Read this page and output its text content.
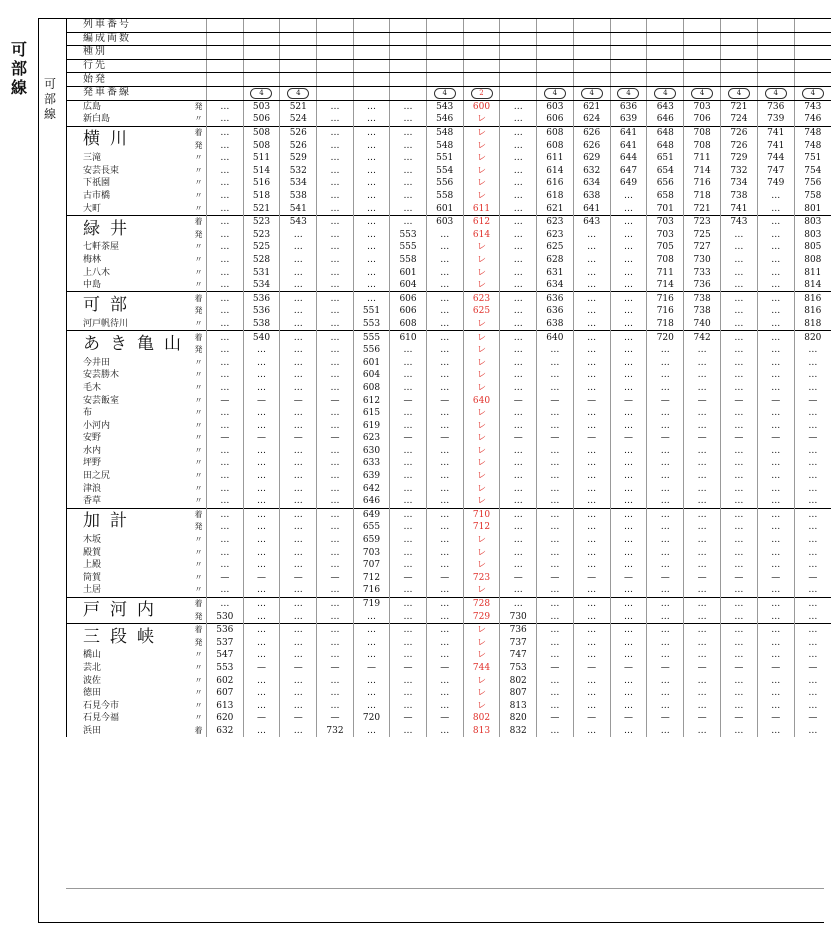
可部線	可部線
列車番号																		
編成両数																		
種別																		
行先																		
始発																		
発車番線			4	4				4	2		4	4	4	4	4	4	4	4
広島	発	…	503	521	…	…	…	543	600	…	603	621	636	643	703	721	736	743
新白島	〃	…	506	524	…	…	…	546	レ	…	606	624	639	646	706	724	739	746
横川	着	…	508	526	…	…	…	548	レ	…	608	626	641	648	708	726	741	748
	発	…	508	526	…	…	…	548	レ	…	608	626	641	648	708	726	741	748
三滝	〃	…	511	529	…	…	…	551	レ	…	611	629	644	651	711	729	744	751
安芸長束	〃	…	514	532	…	…	…	554	レ	…	614	632	647	654	714	732	747	754
下祇園	〃	…	516	534	…	…	…	556	レ	…	616	634	649	656	716	734	749	756
古市橋	〃	…	518	538	…	…	…	558	レ	…	618	638	…	658	718	738	…	758
大町	〃	…	521	541	…	…	…	601	611	…	621	641	…	701	721	741	…	801
緑井	着	…	523	543	…	…	…	603	612	…	623	643	…	703	723	743	…	803
	発	…	523	…	…	…	553	…	614	…	623	…	…	703	725	…	…	803
七軒茶屋	〃	…	525	…	…	…	555	…	レ	…	625	…	…	705	727	…	…	805
梅林	〃	…	528	…	…	…	558	…	レ	…	628	…	…	708	730	…	…	808
上八木	〃	…	531	…	…	…	601	…	レ	…	631	…	…	711	733	…	…	811
中島	〃	…	534	…	…	…	604	…	レ	…	634	…	…	714	736	…	…	814
可部	着	…	536	…	…	…	606	…	623	…	636	…	…	716	738	…	…	816
	発	…	536	…	…	551	606	…	625	…	636	…	…	716	738	…	…	816
河戸帆待川	〃	…	538	…	…	553	608	…	レ	…	638	…	…	718	740	…	…	818
あき亀山	着	…	540	…	…	555	610	…	レ	…	640	…	…	720	742	…	…	820
	発	…	…	…	…	556	…	…	レ	…	…	…	…	…	…	…	…	…
今井田	〃	…	…	…	…	601	…	…	レ	…	…	…	…	…	…	…	…	…
安芸勝木	〃	…	…	…	…	604	…	…	レ	…	…	…	…	…	…	…	…	…
毛木	〃	…	…	…	…	608	…	…	レ	…	…	…	…	…	…	…	…	…
安芸飯室	〃	—	—	—	—	612	—	—	640	—	—	—	—	—	—	—	—	—
布	〃	…	…	…	…	615	…	…	レ	…	…	…	…	…	…	…	…	…
小河内	〃	…	…	…	…	619	…	…	レ	…	…	…	…	…	…	…	…	…
安野	〃	—	—	—	—	623	—	—	レ	—	—	—	—	—	—	—	—	—
水内	〃	…	…	…	…	630	…	…	レ	…	…	…	…	…	…	…	…	…
坪野	〃	…	…	…	…	633	…	…	レ	…	…	…	…	…	…	…	…	…
田之尻	〃	…	…	…	…	639	…	…	レ	…	…	…	…	…	…	…	…	…
津浪	〃	…	…	…	…	642	…	…	レ	…	…	…	…	…	…	…	…	…
香草	〃	…	…	…	…	646	…	…	レ	…	…	…	…	…	…	…	…	…
加計	着	…	…	…	…	649	…	…	710	…	…	…	…	…	…	…	…	…
	発	…	…	…	…	655	…	…	712	…	…	…	…	…	…	…	…	…
木坂	〃	…	…	…	…	659	…	…	レ	…	…	…	…	…	…	…	…	…
殿賀	〃	…	…	…	…	703	…	…	レ	…	…	…	…	…	…	…	…	…
上殿	〃	…	…	…	…	707	…	…	レ	…	…	…	…	…	…	…	…	…
筒賀	〃	—	—	—	—	712	—	—	723	—	—	—	—	—	—	—	—	—
土居	〃	…	…	…	…	716	…	…	レ	…	…	…	…	…	…	…	…	…
戸河内	着	…	…	…	…	719	…	…	728	…	…	…	…	…	…	…	…	…
	発	530	…	…	…	…	…	…	729	730	…	…	…	…	…	…	…	…
三段峡	着	536	…	…	…	…	…	…	レ	736	…	…	…	…	…	…	…	…
	発	537	…	…	…	…	…	…	レ	737	…	…	…	…	…	…	…	…
橋山	〃	547	…	…	…	…	…	…	レ	747	…	…	…	…	…	…	…	…
芸北	〃	553	—	—	—	—	—	—	744	753	—	—	—	—	—	—	—	—
波佐	〃	602	…	…	…	…	…	…	レ	802	…	…	…	…	…	…	…	…
徳田	〃	607	…	…	…	…	…	…	レ	807	…	…	…	…	…	…	…	…
石見今市	〃	613	…	…	…	…	…	…	レ	813	…	…	…	…	…	…	…	…
石見今福	〃	620	—	—	—	720	—	—	802	820	—	—	—	—	—	—	—	—
浜田	着	632	…	…	732	…	…	…	813	832	…	…	…	…	…	…	…	…
